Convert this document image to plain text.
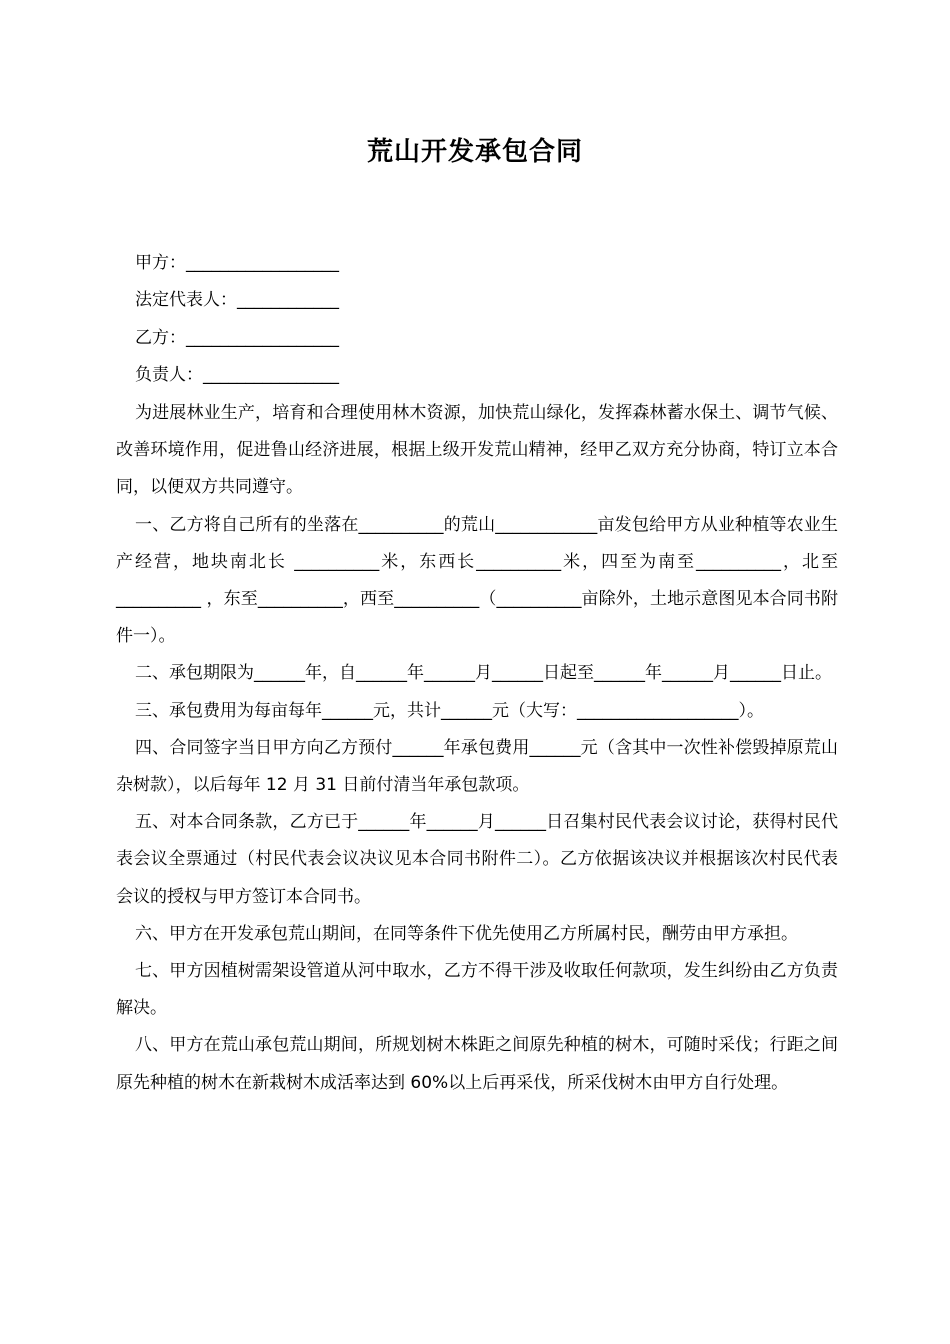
荒山开发承包合同
甲方：__________________
法定代表人：____________
乙方：__________________
负责人：________________

为进展林业生产，培育和合理使用林木资源，加快荒山绿化，发挥森林蓄水保土、调节气候、改善环境作用，促进鲁山经济进展，根据上级开发荒山精神，经甲乙双方充分协商，特订立本合同，以便双方共同遵守。

一、乙方将自己所有的坐落在__________的荒山____________亩发包给甲方从业种植等农业生产经营，地块南北长 __________米，东西长__________米，四至为南至__________，北至__________ ，东至__________，西至__________（__________亩除外，土地示意图见本合同书附件一）。

二、承包期限为______年，自______年______月______日起至______年______月______日止。

三、承包费用为每亩每年______元，共计______元（大写：___________________）。

四、合同签字当日甲方向乙方预付______年承包费用______元（含其中一次性补偿毁掉原荒山杂树款），以后每年 12 月 31 日前付清当年承包款项。

五、对本合同条款，乙方已于______年______月______日召集村民代表会议讨论，获得村民代表会议全票通过（村民代表会议决议见本合同书附件二）。乙方依据该决议并根据该次村民代表会议的授权与甲方签订本合同书。

六、甲方在开发承包荒山期间，在同等条件下优先使用乙方所属村民，酬劳由甲方承担。

七、甲方因植树需架设管道从河中取水，乙方不得干涉及收取任何款项，发生纠纷由乙方负责解决。

八、甲方在荒山承包荒山期间，所规划树木株距之间原先种植的树木，可随时采伐；行距之间原先种植的树木在新栽树木成活率达到 60%以上后再采伐，所采伐树木由甲方自行处理。
